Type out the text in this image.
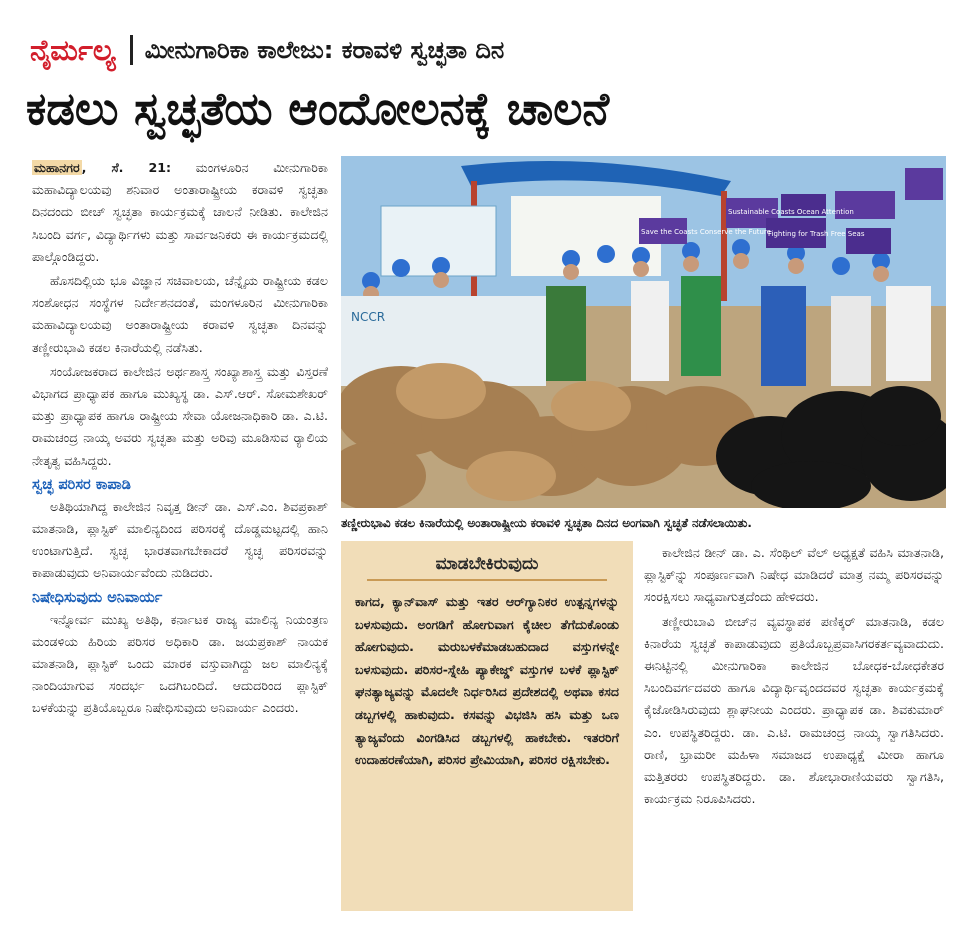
ನೈರ್ಮಲ್ಯ ಮೀನುಗಾರಿಕಾ ಕಾಲೇಜು: ಕರಾವಳಿ ಸ್ವಚ್ಛತಾ ದಿನ
ಕಡಲು ಸ್ವಚ್ಛತೆಯ ಆಂದೋಲನಕ್ಕೆ ಚಾಲನೆ

ಮಹಾನಗರ , ಸೆ. 21: ಮಂಗಳೂರಿನ ಮೀನುಗಾರಿಕಾ ಮಹಾವಿದ್ಯಾಲಯವು ಶನಿವಾರ ಅಂತಾರಾಷ್ಟ್ರೀಯ ಕರಾವಳಿ ಸ್ವಚ್ಛತಾ ದಿನದಂದು ಬೀಚ್ ಸ್ವಚ್ಛತಾ ಕಾರ್ಯಕ್ರಮಕ್ಕೆ ಚಾಲನೆ ನೀಡಿತು. ಕಾಲೇಜಿನ ಸಿಬಂದಿ ವರ್ಗ, ವಿದ್ಯಾರ್ಥಿಗಳು ಮತ್ತು ಸಾರ್ವಜನಿಕರು ಈ ಕಾರ್ಯಕ್ರಮದಲ್ಲಿ ಪಾಲ್ಗೊಂಡಿದ್ದರು.

ಹೊಸದಿಲ್ಲಿಯ ಭೂ ವಿಜ್ಞಾನ ಸಚಿವಾಲಯ, ಚೆನ್ನೈಯ ರಾಷ್ಟ್ರೀಯ ಕಡಲ ಸಂಶೋಧನ ಸಂಸ್ಥೆಗಳ ನಿರ್ದೇಶನದಂತೆ, ಮಂಗಳೂರಿನ ಮೀನುಗಾರಿಕಾ ಮಹಾವಿದ್ಯಾಲಯವು ಅಂತಾರಾಷ್ಟ್ರೀಯ ಕರಾವಳಿ ಸ್ವಚ್ಛತಾ ದಿನವನ್ನು ತಣ್ಣೀರುಭಾವಿ ಕಡಲ ಕಿನಾರೆಯಲ್ಲಿ ನಡೆಸಿತು.

ಸಂಯೋಜಕರಾದ ಕಾಲೇಜಿನ ಅರ್ಥಶಾಸ್ತ್ರ ಸಂಖ್ಯಾಶಾಸ್ತ್ರ ಮತ್ತು ವಿಸ್ತರಣೆ ವಿಭಾಗದ ಪ್ರಾಧ್ಯಾಪಕ ಹಾಗೂ ಮುಖ್ಯಸ್ಥ ಡಾ. ಎಸ್.ಆರ್. ಸೋಮಶೇಖರ್ ಮತ್ತು ಪ್ರಾಧ್ಯಾಪಕ ಹಾಗೂ ರಾಷ್ಟ್ರೀಯ ಸೇವಾ ಯೋಜನಾಧಿಕಾರಿ ಡಾ. ಎ.ಟಿ. ರಾಮಚಂದ್ರ ನಾಯ್ಕ ಅವರು ಸ್ವಚ್ಛತಾ ಮತ್ತು ಅರಿವು ಮೂಡಿಸುವ ರ್‍ಯಾಲಿಯ ನೇತೃತ್ವ ವಹಿಸಿದ್ದರು.

ಸ್ವಚ್ಛ ಪರಿಸರ ಕಾಪಾಡಿ

ಅತಿಥಿಯಾಗಿದ್ದ ಕಾಲೇಜಿನ ನಿವೃತ್ತ ಡೀನ್ ಡಾ. ಎಸ್.ಎಂ. ಶಿವಪ್ರಕಾಶ್ ಮಾತನಾಡಿ, ಪ್ಲಾಸ್ಟಿಕ್ ಮಾಲಿನ್ಯದಿಂದ ಪರಿಸರಕ್ಕೆ ದೊಡ್ಡಮಟ್ಟದಲ್ಲಿ ಹಾನಿ ಉಂಟಾಗುತ್ತಿದೆ. ಸ್ವಚ್ಛ ಭಾರತವಾಗಬೇಕಾದರೆ ಸ್ವಚ್ಛ ಪರಿಸರವನ್ನು ಕಾಪಾಡುವುದು ಅನಿವಾರ್ಯವೆಂದು ನುಡಿದರು.

ನಿಷೇಧಿಸುವುದು ಅನಿವಾರ್ಯ

ಇನ್ನೋರ್ವ ಮುಖ್ಯ ಅತಿಥಿ, ಕರ್ನಾಟಕ ರಾಜ್ಯ ಮಾಲಿನ್ಯ ನಿಯಂತ್ರಣ ಮಂಡಳಿಯ ಹಿರಿಯ ಪರಿಸರ ಅಧಿಕಾರಿ ಡಾ. ಜಯಪ್ರಕಾಶ್ ನಾಯಕ ಮಾತನಾಡಿ, ಪ್ಲಾಸ್ಟಿಕ್ ಒಂದು ಮಾರಕ ವಸ್ತುವಾಗಿದ್ದು ಜಲ ಮಾಲಿನ್ಯಕ್ಕೆ ನಾಂದಿಯಾಗುವ ಸಂದರ್ಭ ಒದಗಿಬಂದಿದೆ. ಆದುದರಿಂದ ಪ್ಲಾಸ್ಟಿಕ್ ಬಳಕೆಯನ್ನು ಪ್ರತಿಯೊಬ್ಬರೂ ನಿಷೇಧಿಸುವುದು ಅನಿವಾರ್ಯ ಎಂದರು.

NCCR
Save the Coasts Conserve the Future
Sustainable Coasts Ocean Attention
Fighting for Trash Free Seas
ತಣ್ಣೀರುಭಾವಿ ಕಡಲ ಕಿನಾರೆಯಲ್ಲಿ ಅಂತಾರಾಷ್ಟ್ರೀಯ ಕರಾವಳಿ ಸ್ವಚ್ಛತಾ ದಿನದ ಅಂಗವಾಗಿ ಸ್ವಚ್ಛತೆ ನಡೆಸಲಾಯಿತು.
ಮಾಡಬೇಕಿರುವುದು

ಕಾಗದ, ಕ್ಯಾನ್‌ವಾಸ್ ಮತ್ತು ಇತರ ಆರ್‌ಗ್ಯಾನಿಕರ ಉತ್ಪನ್ನಗಳನ್ನು ಬಳಸುವುದು. ಅಂಗಡಿಗೆ ಹೋಗುವಾಗ ಕೈಚೀಲ ತೆಗೆದುಕೊಂಡು ಹೋಗುವುದು. ಮರುಬಳಕೆಮಾಡಬಹುದಾದ ವಸ್ತುಗಳನ್ನೇ ಬಳಸುವುದು. ಪರಿಸರ-ಸ್ನೇಹಿ ಪ್ಯಾಕೇಜ್ಡ್ ವಸ್ತುಗಳ ಬಳಕೆ ಪ್ಲಾಸ್ಟಿಕ್ ಘನತ್ಯಾಜ್ಯವನ್ನು ಮೊದಲೇ ನಿರ್ಧರಿಸಿದ ಪ್ರದೇಶದಲ್ಲಿ ಅಥವಾ ಕಸದ ಡಬ್ಬಗಳಲ್ಲಿ ಹಾಕುವುದು. ಕಸವನ್ನು ವಿಭಜಿಸಿ ಹಸಿ ಮತ್ತು ಒಣ ತ್ಯಾಜ್ಯವೆಂದು ವಿಂಗಡಿಸಿದ ಡಬ್ಬಗಳಲ್ಲಿ ಹಾಕಬೇಕು. ಇತರರಿಗೆ ಉದಾಹರಣೆಯಾಗಿ, ಪರಿಸರ ಪ್ರೇಮಿಯಾಗಿ, ಪರಿಸರ ರಕ್ಷಿಸಬೇಕು.

ಕಾಲೇಜಿನ ಡೀನ್ ಡಾ. ಎ. ಸೆಂಥಿಲ್ ವೆಲ್ ಅಧ್ಯಕ್ಷತೆ ವಹಿಸಿ ಮಾತನಾಡಿ, ಪ್ಲಾಸ್ಟಿಕ್‌ನ್ನು ಸಂಪೂರ್ಣವಾಗಿ ನಿಷೇಧ ಮಾಡಿದರೆ ಮಾತ್ರ ನಮ್ಮ ಪರಿಸರವನ್ನು ಸಂರಕ್ಷಿಸಲು ಸಾಧ್ಯವಾಗುತ್ತದೆಂದು ಹೇಳಿದರು.

ತಣ್ಣೀರುಬಾವಿ ಬೀಚ್‌ನ ವ್ಯವಸ್ಥಾಪಕ ಪಣಿಕ್ಕರ್ ಮಾತನಾಡಿ, ಕಡಲ ಕಿನಾರೆಯ ಸ್ವಚ್ಛತೆ ಕಾಪಾಡುವುದು ಪ್ರತಿಯೊಬ್ಬಪ್ರವಾಸಿಗರಕರ್ತವ್ಯವಾದುದು. ಈನಿಟ್ಟಿನಲ್ಲಿ ಮೀನುಗಾರಿಕಾ ಕಾಲೇಜಿನ ಬೋಧಕ-ಬೋಧಕೇತರ ಸಿಬಂದಿವರ್ಗದವರು ಹಾಗೂ ವಿದ್ಯಾರ್ಥಿವೃಂದದವರ ಸ್ವಚ್ಛತಾ ಕಾರ್ಯಕ್ರಮಕ್ಕೆ ಕೈಜೋಡಿಸಿರುವುದು ಶ್ಲಾಘನೀಯ ಎಂದರು. ಪ್ರಾಧ್ಯಾಪಕ ಡಾ. ಶಿವಕುಮಾರ್ ಎಂ. ಉಪಸ್ಥಿತರಿದ್ದರು. ಡಾ. ಎ.ಟಿ. ರಾಮಚಂದ್ರ ನಾಯ್ಕ ಸ್ವಾಗತಿಸಿದರು. ರಾಣಿ, ಭ್ರಾಮರೀ ಮಹಿಳಾ ಸಮಾಜದ ಉಪಾಧ್ಯಕ್ಷೆ ಮೀರಾ ಹಾಗೂ ಮತ್ತಿತರರು ಉಪಸ್ಥಿತರಿದ್ದರು. ಡಾ. ಶೋಭಾರಾಣಿಯವರು ಸ್ವಾಗತಿಸಿ, ಕಾರ್ಯಕ್ರಮ ನಿರೂಪಿಸಿದರು.
